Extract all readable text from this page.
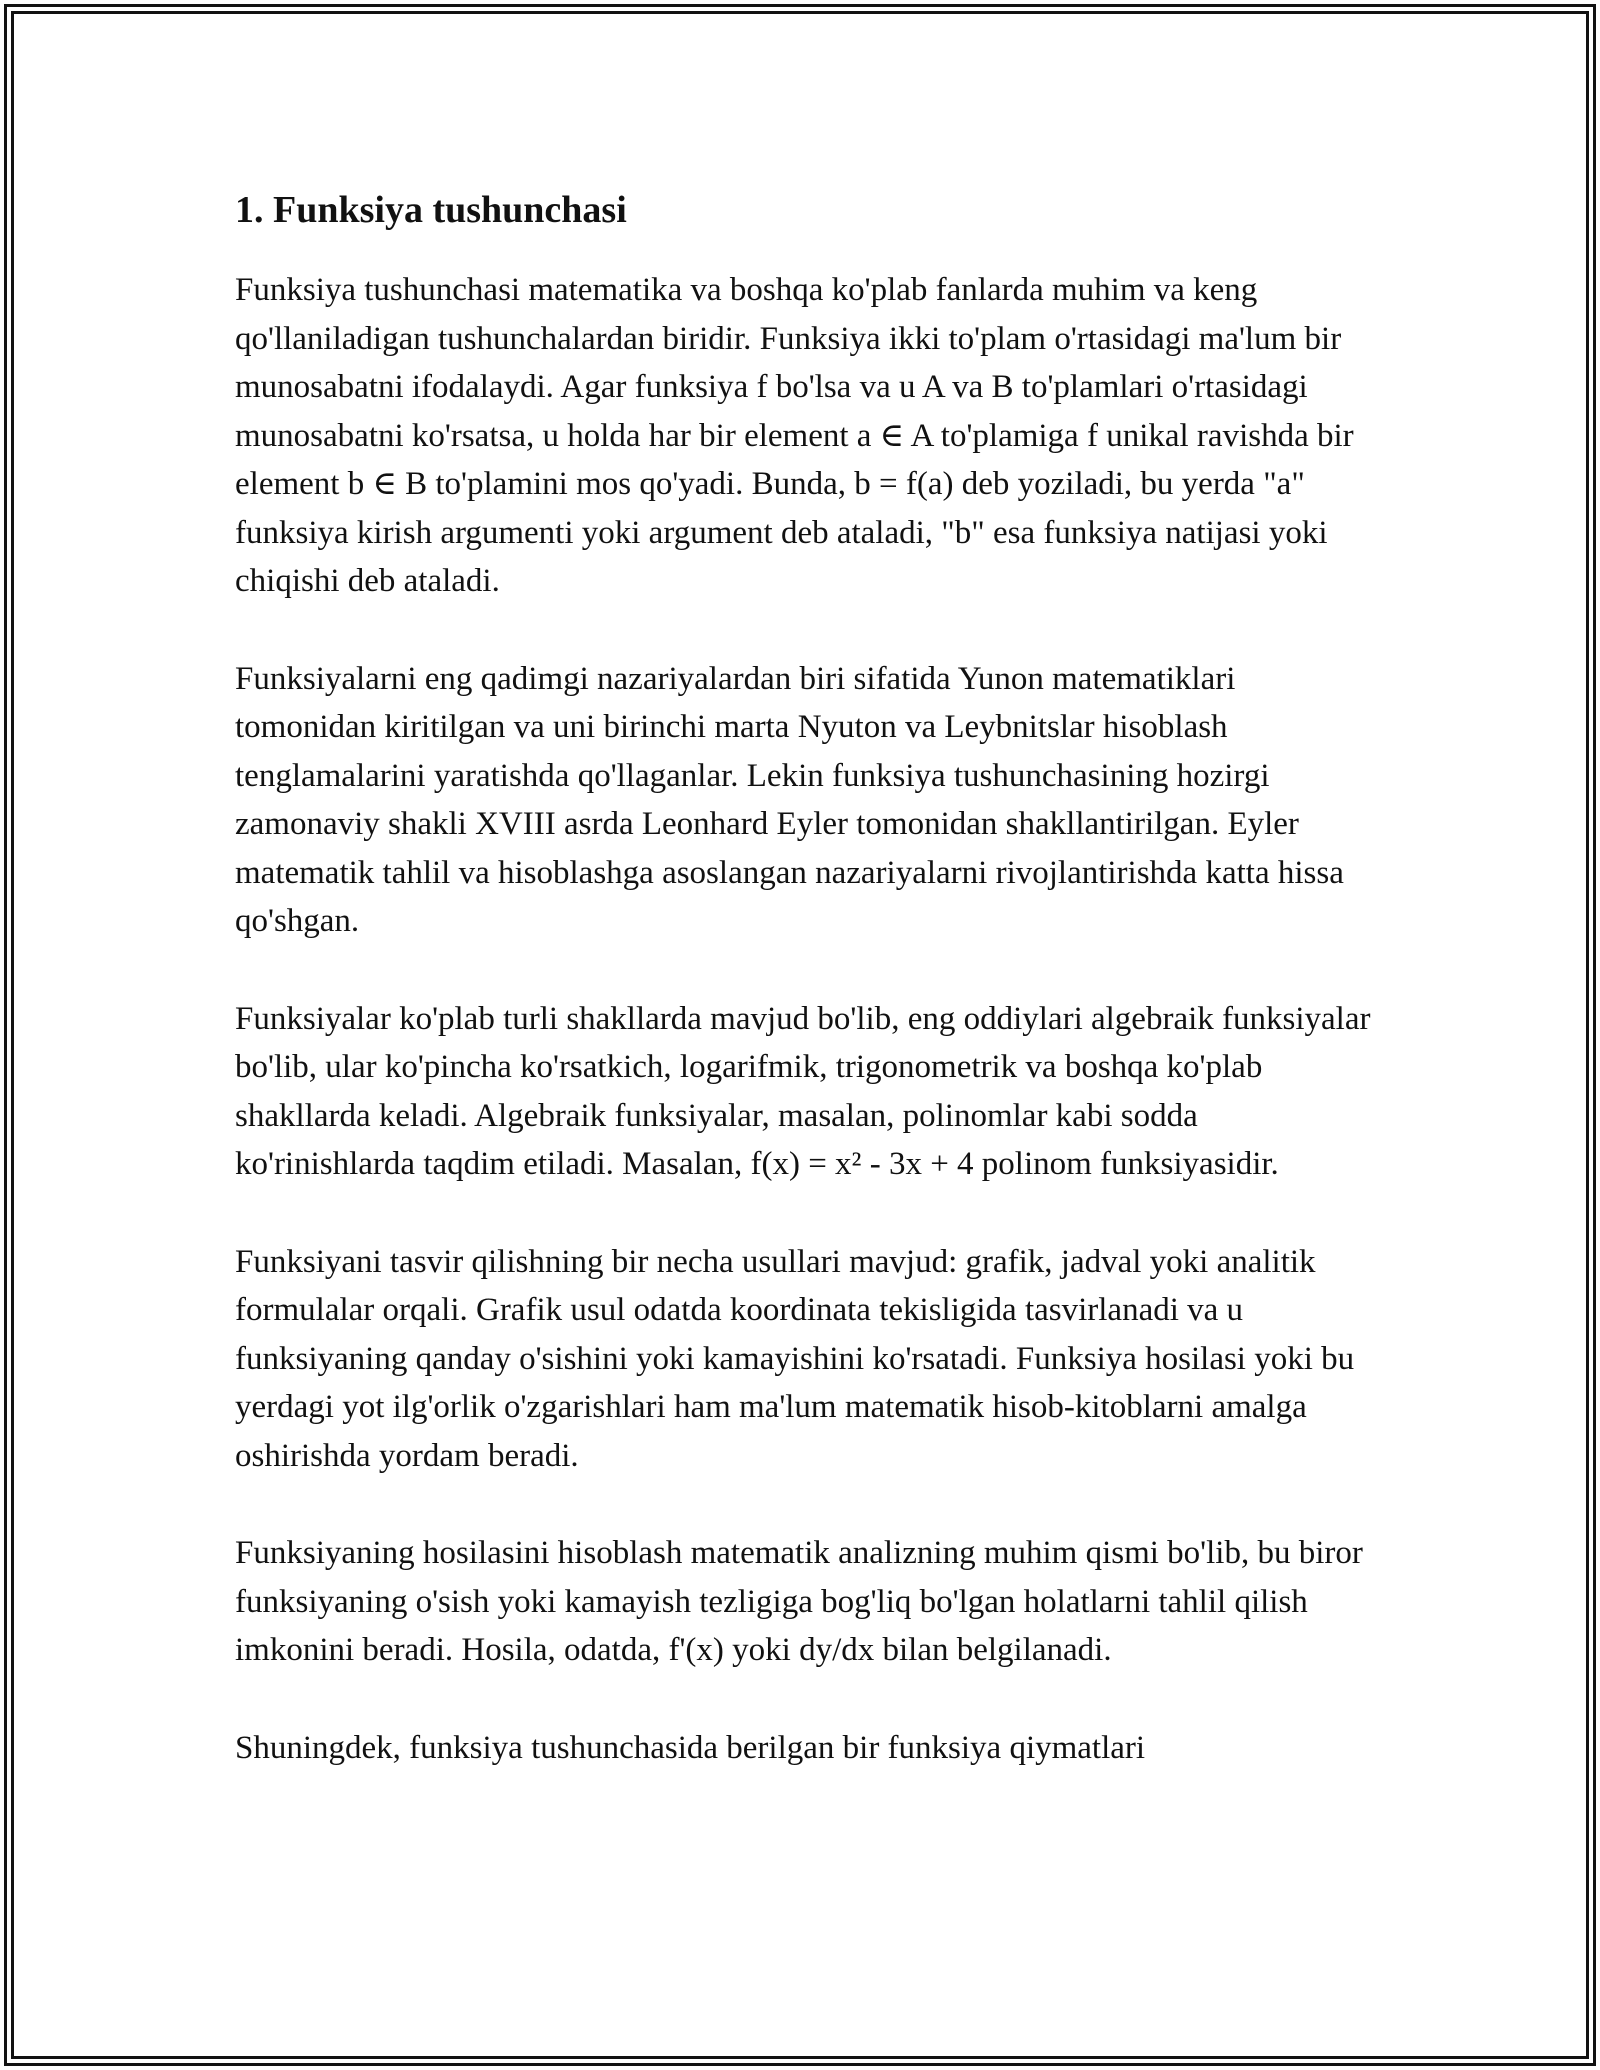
1. Funksiya tushunchasi

Funksiya tushunchasi matematika va boshqa ko'plab fanlarda muhim va keng qo'llaniladigan tushunchalardan biridir. Funksiya ikki to'plam o'rtasidagi ma'lum bir munosabatni ifodalaydi. Agar funksiya f bo'lsa va u A va B to'plamlari o'rtasidagi munosabatni ko'rsatsa, u holda har bir element a ∈ A to'plamiga f unikal ravishda bir element b ∈ B to'plamini mos qo'yadi. Bunda, b = f(a) deb yoziladi, bu yerda "a" funksiya kirish argumenti yoki argument deb ataladi, "b" esa funksiya natijasi yoki chiqishi deb ataladi.

Funksiyalarni eng qadimgi nazariyalardan biri sifatida Yunon matematiklari tomonidan kiritilgan va uni birinchi marta Nyuton va Leybnitslar hisoblash tenglamalarini yaratishda qo'llaganlar. Lekin funksiya tushunchasining hozirgi zamonaviy shakli XVIII asrda Leonhard Eyler tomonidan shakllantirilgan. Eyler matematik tahlil va hisoblashga asoslangan nazariyalarni rivojlantirishda katta hissa qo'shgan.

Funksiyalar ko'plab turli shakllarda mavjud bo'lib, eng oddiylari algebraik funksiyalar bo'lib, ular ko'pincha ko'rsatkich, logarifmik, trigonometrik va boshqa ko'plab shakllarda keladi. Algebraik funksiyalar, masalan, polinomlar kabi sodda ko'rinishlarda taqdim etiladi. Masalan, f(x) = x² - 3x + 4 polinom funksiyasidir.

Funksiyani tasvir qilishning bir necha usullari mavjud: grafik, jadval yoki analitik formulalar orqali. Grafik usul odatda koordinata tekisligida tasvirlanadi va u funksiyaning qanday o'sishini yoki kamayishini ko'rsatadi. Funksiya hosilasi yoki bu yerdagi yot ilg'orlik o'zgarishlari ham ma'lum matematik hisob-kitoblarni amalga oshirishda yordam beradi.

Funksiyaning hosilasini hisoblash matematik analizning muhim qismi bo'lib, bu biror funksiyaning o'sish yoki kamayish tezligiga bog'liq bo'lgan holatlarni tahlil qilish imkonini beradi. Hosila, odatda, f'(x) yoki dy/dx bilan belgilanadi.

Shuningdek, funksiya tushunchasida berilgan bir funksiya qiymatlari
